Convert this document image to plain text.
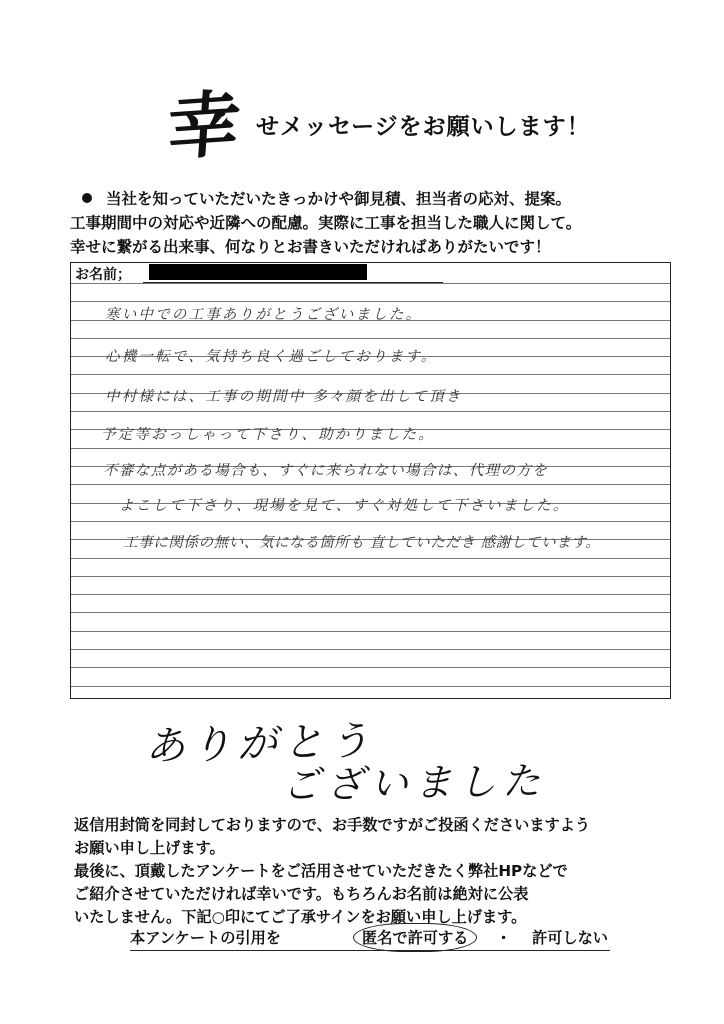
幸 せメッセージをお願いします！
当社を知っていただいたきっかけや御見積、担当者の応対、提案。
工事期間中の対応や近隣への配慮。実際に工事を担当した職人に関して。
幸せに繋がる出来事、何なりとお書きいただければありがたいです！
お名前；
寒い中での工事ありがとうございました。
心機一転で、気持ち良く過ごしております。
中村様には、工事の期間中 多々顔を出して頂き
予定等おっしゃって下さり、助かりました。
不審な点がある場合も、すぐに来られない場合は、代理の方を
よこして下さり、現場を見て、すぐ対処して下さいました。
工事に関係の無い、気になる箇所も 直していただき 感謝しています。
ありがとう
ございました
返信用封筒を同封しておりますので、お手数ですがご投函くださいますよう
お願い申し上げます。
最後に、頂戴したアンケートをご活用させていただきたく弊社HPなどで
ご紹介させていただければ幸いです。もちろんお名前は絶対に公表
いたしません。下記○印にてご了承サインをお願い申し上げます。
本アンケートの引用を	匿名で許可する	・ 許可しない
